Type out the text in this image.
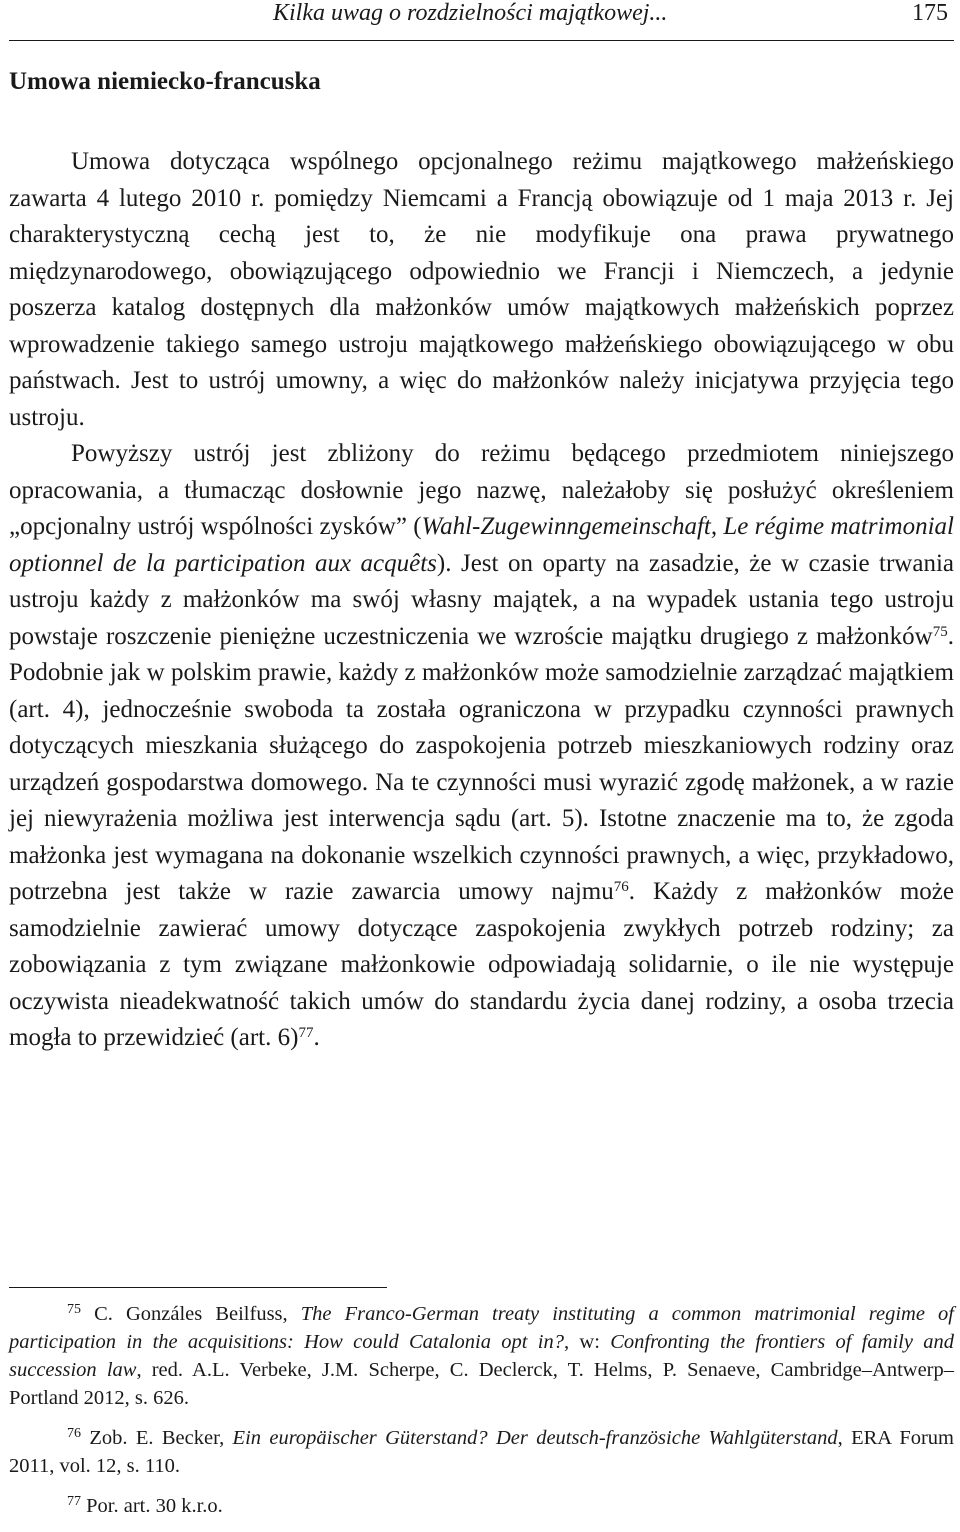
Kilka uwag o rozdzielności majątkowej...	175
Umowa niemiecko-francuska

Umowa dotycząca wspólnego opcjonalnego reżimu majątkowego małżeńskiego zawarta 4 lutego 2010 r. pomiędzy Niemcami a Francją obowiązuje od 1 maja 2013 r. Jej charakterystyczną cechą jest to, że nie modyfikuje ona prawa prywatnego międzynarodowego, obowiązującego odpowiednio we Francji i Niemczech, a jedynie poszerza katalog dostępnych dla małżonków umów majątkowych małżeńskich poprzez wprowadzenie takiego samego ustroju majątkowego małżeńskiego obowiązującego w obu państwach. Jest to ustrój umowny, a więc do małżonków należy inicjatywa przyjęcia tego ustroju.

Powyższy ustrój jest zbliżony do reżimu będącego przedmiotem niniejszego opracowania, a tłumacząc dosłownie jego nazwę, należałoby się posłużyć określeniem „opcjonalny ustrój wspólności zysków” (Wahl-Zugewinngemeinschaft, Le régime matrimonial optionnel de la participation aux acquêts). Jest on oparty na zasadzie, że w czasie trwania ustroju każdy z małżonków ma swój własny majątek, a na wypadek ustania tego ustroju powstaje roszczenie pieniężne uczestniczenia we wzroście majątku drugiego z małżonków$^{75}$. Podobnie jak w polskim prawie, każdy z małżonków może samodzielnie zarządzać majątkiem (art. 4), jednocześnie swoboda ta została ograniczona w przypadku czynności prawnych dotyczących mieszkania służącego do zaspokojenia potrzeb mieszkaniowych rodziny oraz urządzeń gospodarstwa domowego. Na te czynności musi wyrazić zgodę małżonek, a w razie jej niewyrażenia możliwa jest interwencja sądu (art. 5). Istotne znaczenie ma to, że zgoda małżonka jest wymagana na dokonanie wszelkich czynności prawnych, a więc, przykładowo, potrzebna jest także w razie zawarcia umowy najmu$^{76}$. Każdy z małżonków może samodzielnie zawierać umowy dotyczące zaspokojenia zwykłych potrzeb rodziny; za zobowiązania z tym związane małżonkowie odpowiadają solidarnie, o ile nie występuje oczywista nieadekwatność takich umów do standardu życia danej rodziny, a osoba trzecia mogła to przewidzieć (art. 6)$^{77}$.

$^{75}$ C. Gonzáles Beilfuss, The Franco-German treaty instituting a common matrimonial regime of participation in the acquisitions: How could Catalonia opt in?, w: Confronting the frontiers of family and succession law, red. A.L. Verbeke, J.M. Scherpe, C. Declerck, T. Helms, P. Senaeve, Cambridge–Antwerp–Portland 2012, s. 626.

$^{76}$ Zob. E. Becker, Ein europäischer Güterstand? Der deutsch-französiche Wahlgüterstand, ERA Forum 2011, vol. 12, s. 110.

$^{77}$ Por. art. 30 k.r.o.
